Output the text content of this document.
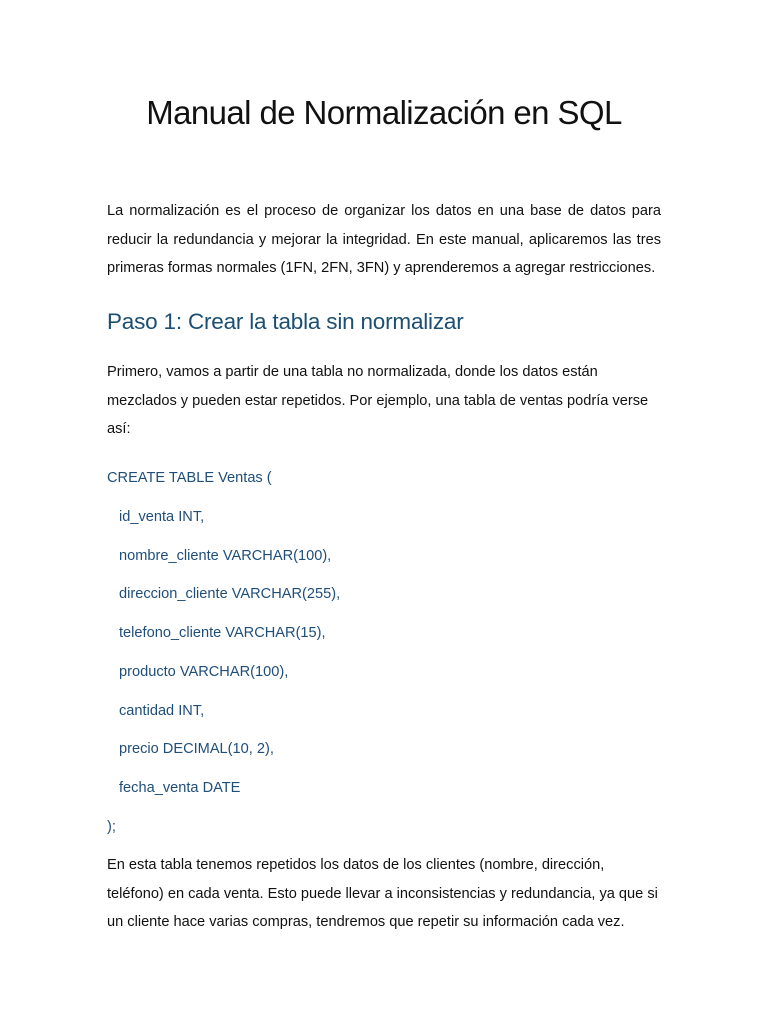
Manual de Normalización en SQL

La normalización es el proceso de organizar los datos en una base de datos para reducir la redundancia y mejorar la integridad. En este manual, aplicaremos las tres primeras formas normales (1FN, 2FN, 3FN) y aprenderemos a agregar restricciones.

Paso 1: Crear la tabla sin normalizar

Primero, vamos a partir de una tabla no normalizada, donde los datos están mezclados y pueden estar repetidos. Por ejemplo, una tabla de ventas podría verse así:

CREATE TABLE Ventas (
id_venta INT,
nombre_cliente VARCHAR(100),
direccion_cliente VARCHAR(255),
telefono_cliente VARCHAR(15),
producto VARCHAR(100),
cantidad INT,
precio DECIMAL(10, 2),
fecha_venta DATE
);

En esta tabla tenemos repetidos los datos de los clientes (nombre, dirección, teléfono) en cada venta. Esto puede llevar a inconsistencias y redundancia, ya que si un cliente hace varias compras, tendremos que repetir su información cada vez.
